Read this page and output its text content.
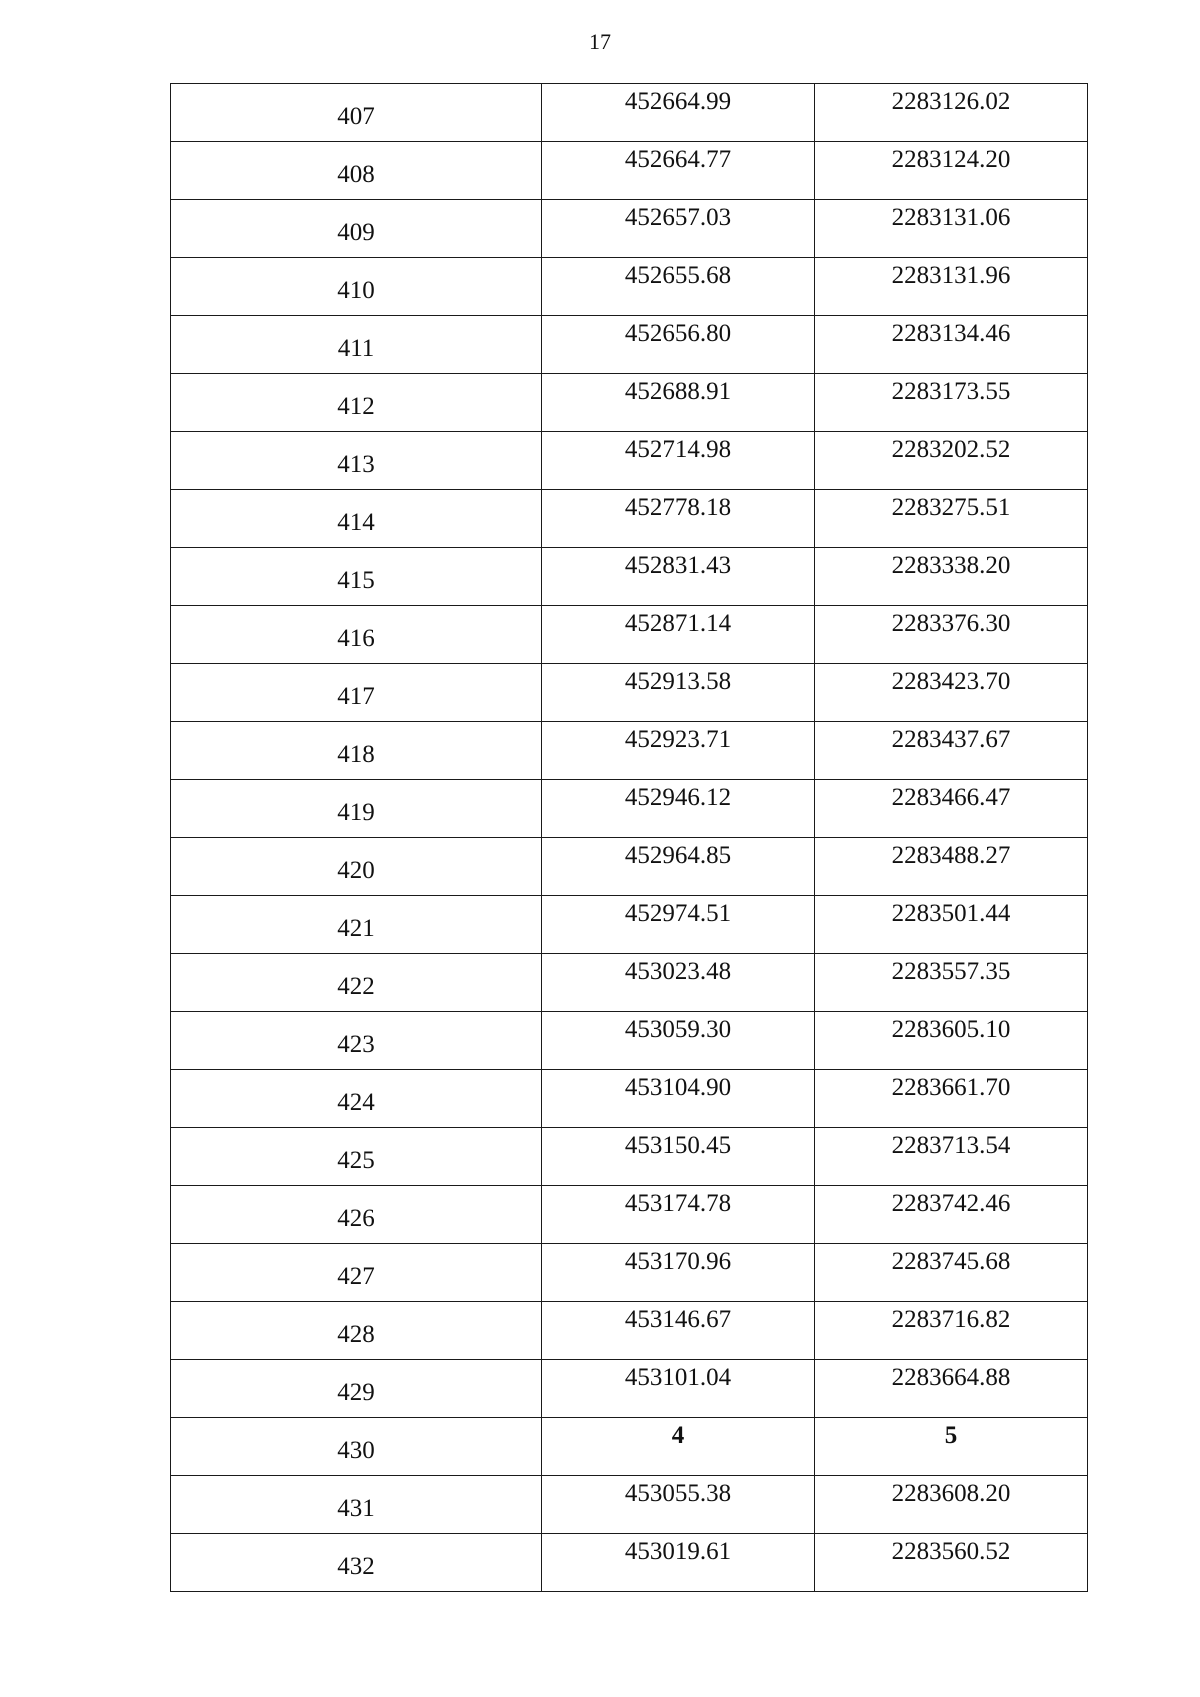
17
407	452664.99	2283126.02
408	452664.77	2283124.20
409	452657.03	2283131.06
410	452655.68	2283131.96
411	452656.80	2283134.46
412	452688.91	2283173.55
413	452714.98	2283202.52
414	452778.18	2283275.51
415	452831.43	2283338.20
416	452871.14	2283376.30
417	452913.58	2283423.70
418	452923.71	2283437.67
419	452946.12	2283466.47
420	452964.85	2283488.27
421	452974.51	2283501.44
422	453023.48	2283557.35
423	453059.30	2283605.10
424	453104.90	2283661.70
425	453150.45	2283713.54
426	453174.78	2283742.46
427	453170.96	2283745.68
428	453146.67	2283716.82
429	453101.04	2283664.88
430	4	5
431	453055.38	2283608.20
432	453019.61	2283560.52
